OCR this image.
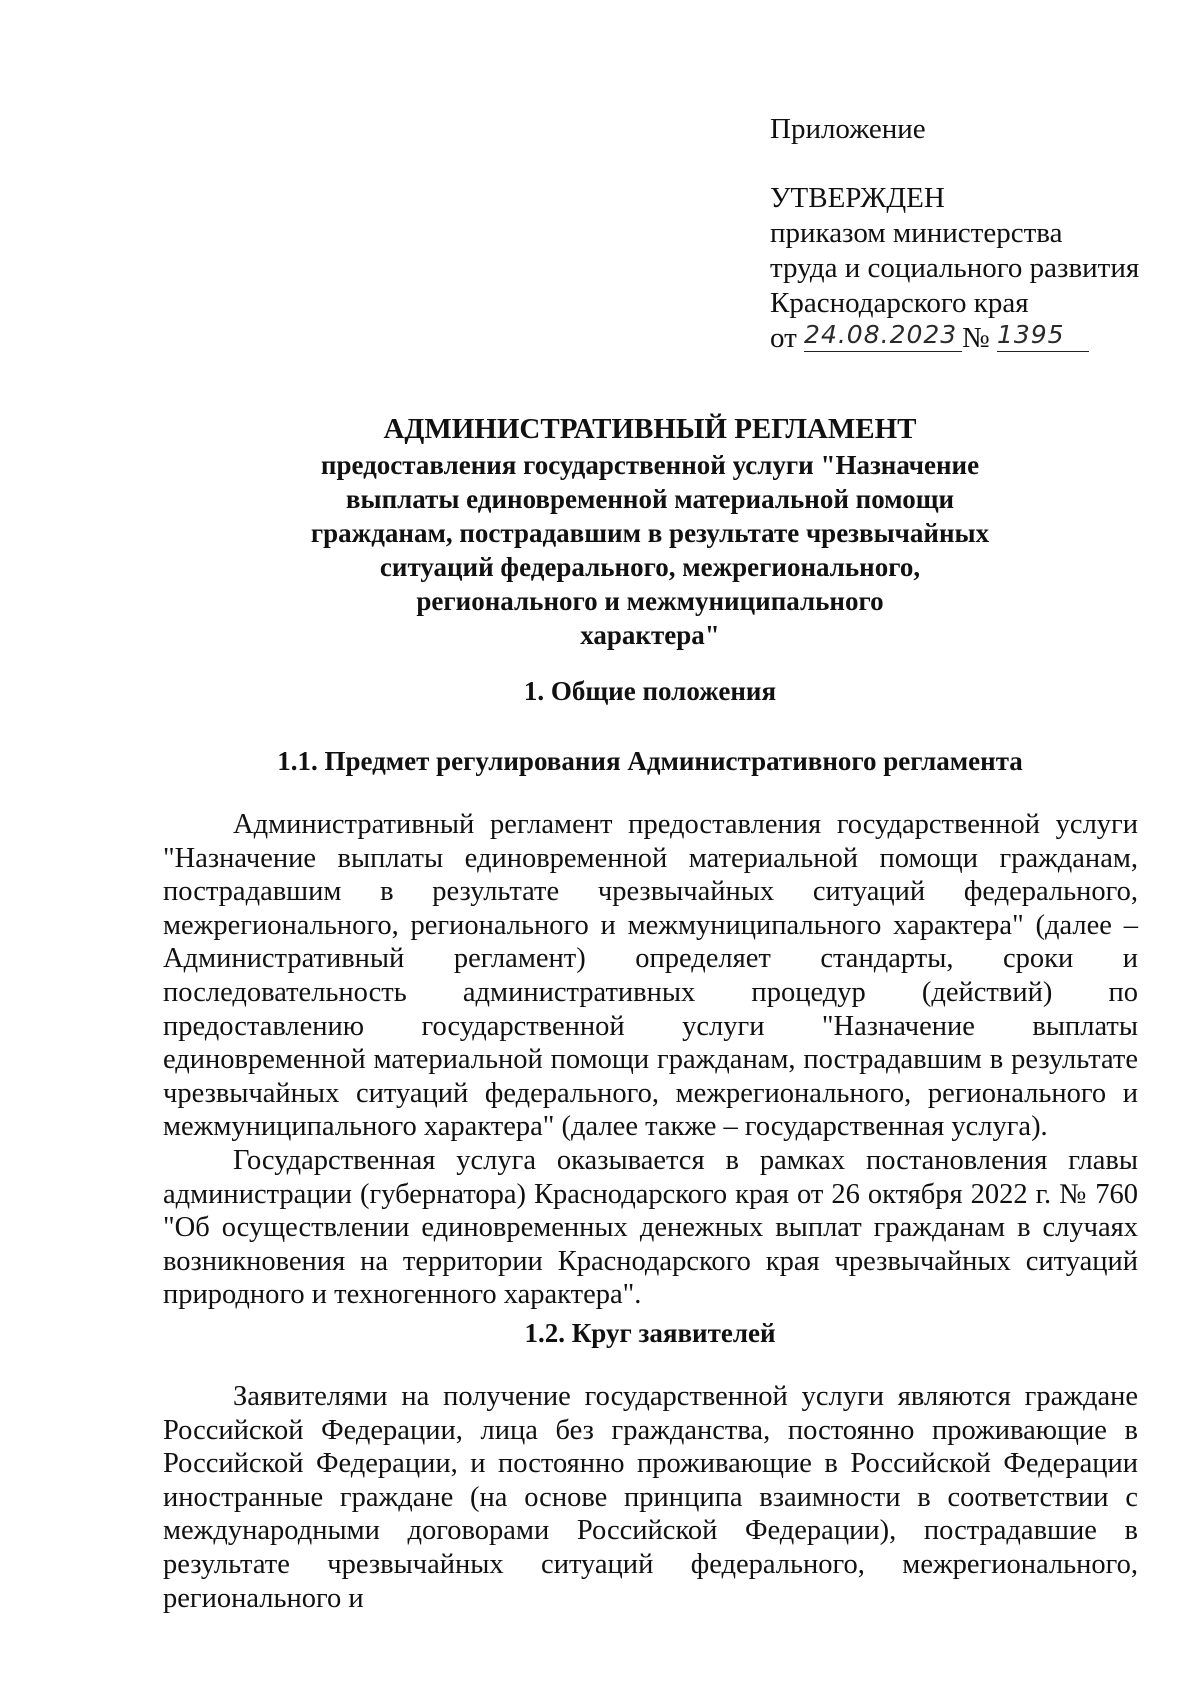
Приложение
УТВЕРЖДЕН
приказом министерства
труда и социального развития
Краснодарского края
от 24.08.2023 № 1395
АДМИНИСТРАТИВНЫЙ РЕГЛАМЕНТ
предоставления государственной услуги "Назначение
выплаты единовременной материальной помощи
гражданам, пострадавшим в результате чрезвычайных
ситуаций федерального, межрегионального,
регионального и межмуниципального
характера"
1. Общие положения
1.1. Предмет регулирования Административного регламента

Административный регламент предоставления государственной услуги "Назначение выплаты единовременной материальной помощи гражданам, пострадавшим в результате чрезвычайных ситуаций федерального, межрегионального, регионального и межмуниципального характера" (далее – Административный регламент) определяет стандарты, сроки и последовательность административных процедур (действий) по предоставлению государственной услуги "Назначение выплаты единовременной материальной помощи гражданам, пострадавшим в результате чрезвычайных ситуаций федерального, межрегионального, регионального и межмуниципального характера" (далее также – государственная услуга).

Государственная услуга оказывается в рамках постановления главы администрации (губернатора) Краснодарского края от 26 октября 2022 г. № 760 "Об осуществлении единовременных денежных выплат гражданам в случаях возникновения на территории Краснодарского края чрезвычайных ситуаций природного и техногенного характера".

1.2. Круг заявителей

Заявителями на получение государственной услуги являются граждане Российской Федерации, лица без гражданства, постоянно проживающие в Российской Федерации, и постоянно проживающие в Российской Федерации иностранные граждане (на основе принципа взаимности в соответствии с международными договорами Российской Федерации), пострадавшие в результате чрезвычайных ситуаций федерального, межрегионального, регионального и
